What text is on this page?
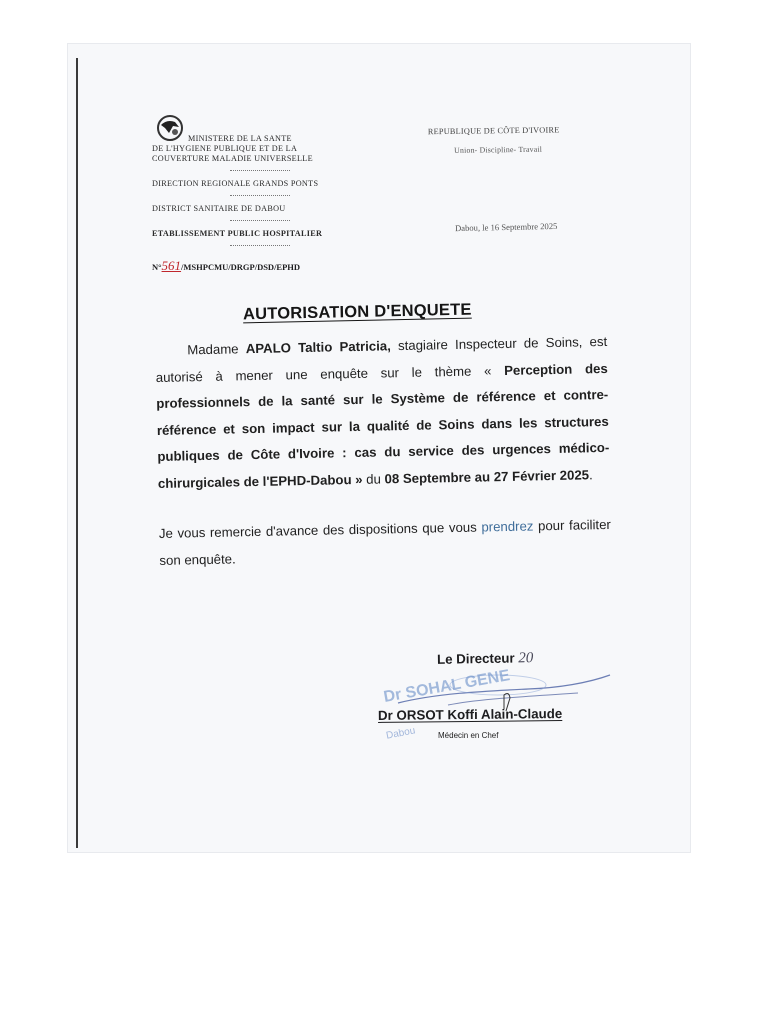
MINISTERE DE LA SANTE
DE L'HYGIENE PUBLIQUE ET DE LA
COUVERTURE MALADIE UNIVERSELLE
DIRECTION REGIONALE GRANDS PONTS
DISTRICT SANITAIRE DE DABOU
ETABLISSEMENT PUBLIC HOSPITALIER
N°561/MSHPCMU/DRGP/DSD/EPHD
REPUBLIQUE DE CÔTE D'IVOIRE
Union- Discipline- Travail
Dabou, le 16 Septembre 2025
AUTORISATION D'ENQUETE

Madame APALO Taltio Patricia, stagiaire Inspecteur de Soins, est autorisé à mener une enquête sur le thème « Perception des professionnels de la santé sur le Système de référence et contre-référence et son impact sur la qualité de Soins dans les structures publiques de Côte d'Ivoire : cas du service des urgences médico-chirurgicales de l'EPHD-Dabou » du 08 Septembre au 27 Février 2025.

Je vous remercie d'avance des dispositions que vous prendrez pour faciliter son enquête.

Le Directeur 20
Dr SOHAL GENE
Dabou
Dr ORSOT Koffi Alain-Claude
Médecin en Chef
